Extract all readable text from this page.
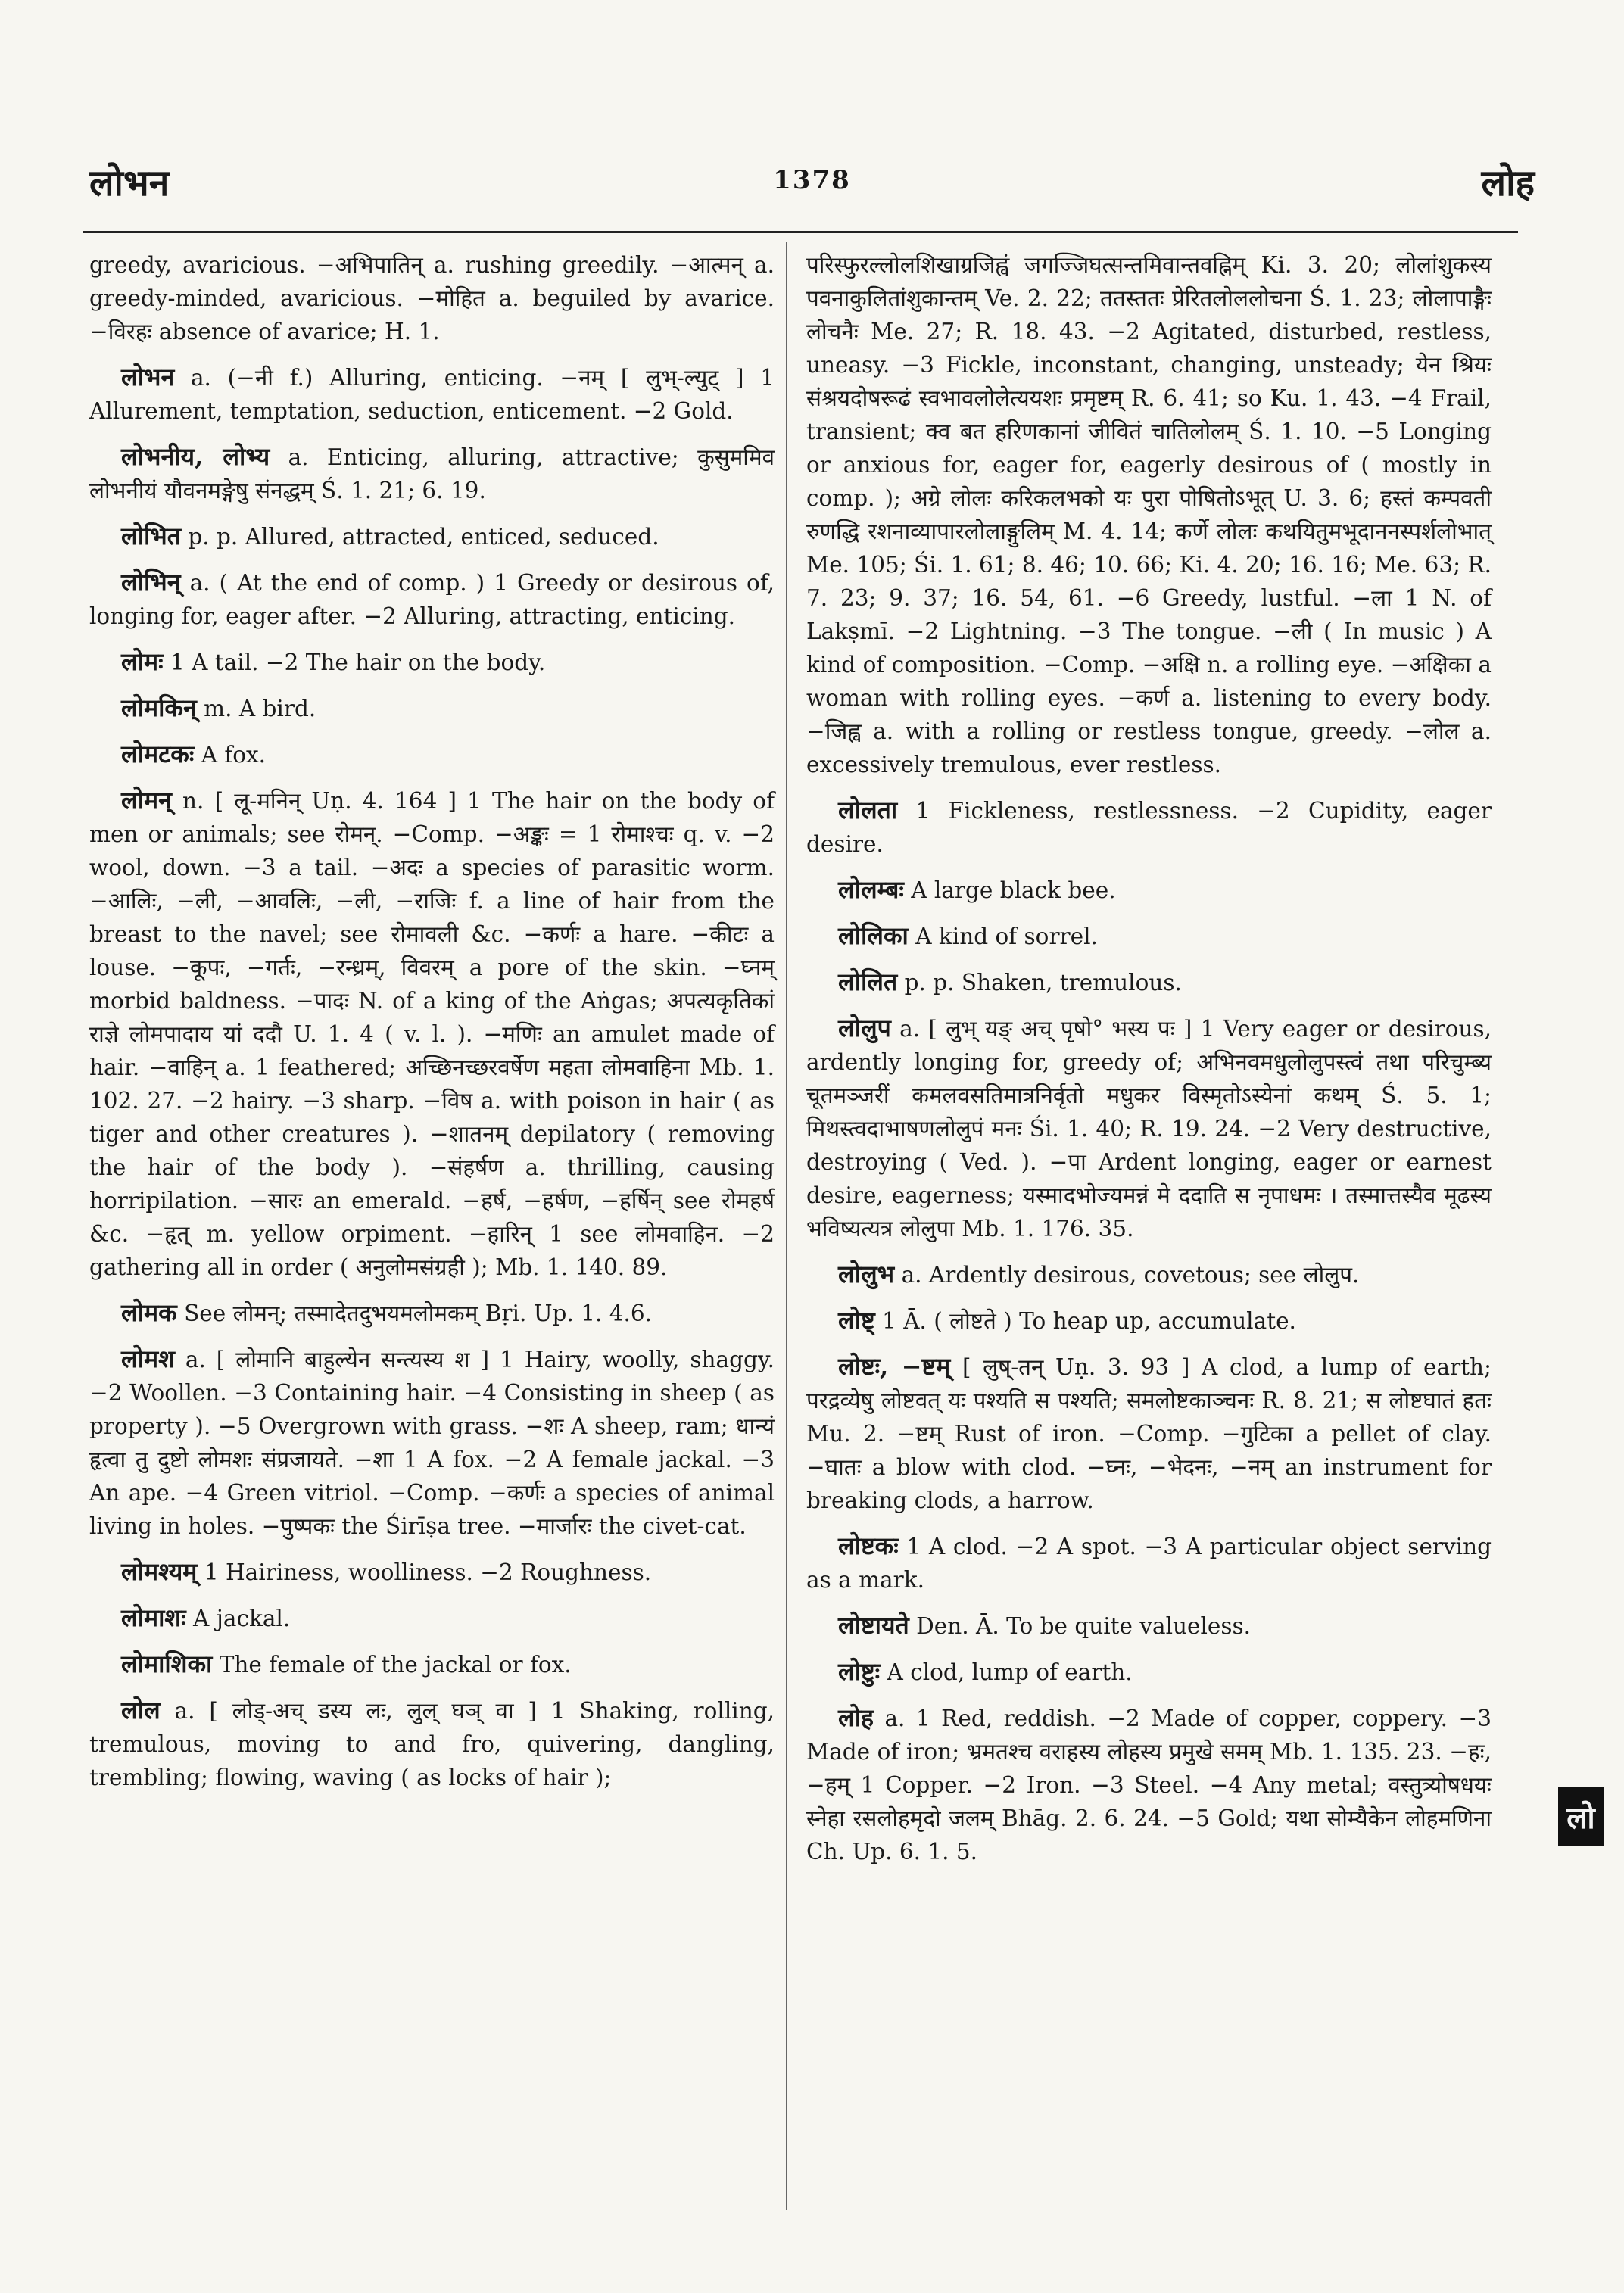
लोभन	1378	लोह

greedy, avaricious. −अभिपातिन् a. rushing greedily. −आत्मन् a. greedy-minded, avaricious. −मोहित a. beguiled by avarice. −विरहः absence of avarice; H. 1.

लोभन a. (−नी f.) Alluring, enticing. −नम् [ लुभ्-ल्युट् ] 1 Allurement, temptation, seduction, enticement. −2 Gold.

लोभनीय, लोभ्य a. Enticing, alluring, attractive; कुसुममिव लोभनीयं यौवनमङ्गेषु संनद्धम् Ś. 1. 21; 6. 19.

लोभित p. p. Allured, attracted, enticed, seduced.

लोभिन् a. ( At the end of comp. ) 1 Greedy or desirous of, longing for, eager after. −2 Alluring, attracting, enticing.

लोमः 1 A tail. −2 The hair on the body.

लोमकिन् m. A bird.

लोमटकः A fox.

लोमन् n. [ लू-मनिन् Uṇ. 4. 164 ] 1 The hair on the body of men or animals; see रोमन्. −Comp. −अङ्कः = 1 रोमाश्चः q. v. −2 wool, down. −3 a tail. −अदः a species of parasitic worm. −आलिः, −ली, −आवलिः, −ली, −राजिः f. a line of hair from the breast to the navel; see रोमावली &c. −कर्णः a hare. −कीटः a louse. −कूपः, −गर्तः, −रन्ध्रम्, विवरम् a pore of the skin. −घ्नम् morbid baldness. −पादः N. of a king of the Aṅgas; अपत्यकृतिकां राज्ञे लोमपादाय यां ददौ U. 1. 4 ( v. l. ). −मणिः an amulet made of hair. −वाहिन् a. 1 feathered; अच्छिनच्छरवर्षेण महता लोमवाहिना Mb. 1. 102. 27. −2 hairy. −3 sharp. −विष a. with poison in hair ( as tiger and other creatures ). −शातनम् depilatory ( removing the hair of the body ). −संहर्षण a. thrilling, causing horripilation. −सारः an emerald. −हर्ष, −हर्षण, −हर्षिन् see रोमहर्ष &c. −हृत् m. yellow orpiment. −हारिन् 1 see लोमवाहिन. −2 gathering all in order ( अनुलोमसंग्रही ); Mb. 1. 140. 89.

लोमक See लोमन्; तस्मादेतदुभयमलोमकम् Bṛi. Up. 1. 4.6.

लोमश a. [ लोमानि बाहुल्येन सन्त्यस्य श ] 1 Hairy, woolly, shaggy. −2 Woollen. −3 Containing hair. −4 Consisting in sheep ( as property ). −5 Overgrown with grass. −शः A sheep, ram; धान्यं हृत्वा तु दुष्टो लोमशः संप्रजायते. −शा 1 A fox. −2 A female jackal. −3 An ape. −4 Green vitriol. −Comp. −कर्णः a species of animal living in holes. −पुष्पकः the Śirīṣa tree. −मार्जारः the civet-cat.

लोमश्यम् 1 Hairiness, woolliness. −2 Roughness.

लोमाशः A jackal.

लोमाशिका The female of the jackal or fox.

लोल a. [ लोड्-अच् डस्य लः, लुल् घञ् वा ] 1 Shaking, rolling, tremulous, moving to and fro, quivering, dangling, trembling; flowing, waving ( as locks of hair );

परिस्फुरल्लोलशिखाग्रजिह्वं जगज्जिघत्सन्तमिवान्तवह्निम् Ki. 3. 20; लोलांशुकस्य पवनाकुलितांशुकान्तम् Ve. 2. 22; ततस्ततः प्रेरितलोललोचना Ś. 1. 23; लोलापाङ्गैः लोचनैः Me. 27; R. 18. 43. −2 Agitated, disturbed, restless, uneasy. −3 Fickle, inconstant, changing, unsteady; येन श्रियः संश्रयदोषरूढं स्वभावलोलेत्ययशः प्रमृष्टम् R. 6. 41; so Ku. 1. 43. −4 Frail, transient; क्व बत हरिणकानां जीवितं चातिलोलम् Ś. 1. 10. −5 Longing or anxious for, eager for, eagerly desirous of ( mostly in comp. ); अग्रे लोलः करिकलभको यः पुरा पोषितोऽभूत् U. 3. 6; हस्तं कम्पवती रुणद्धि रशनाव्यापारलोलाङ्गुलिम् M. 4. 14; कर्णे लोलः कथयितुमभूदाननस्पर्शलोभात् Me. 105; Śi. 1. 61; 8. 46; 10. 66; Ki. 4. 20; 16. 16; Me. 63; R. 7. 23; 9. 37; 16. 54, 61. −6 Greedy, lustful. −ला 1 N. of Lakṣmī. −2 Lightning. −3 The tongue. −ली ( In music ) A kind of composition. −Comp. −अक्षि n. a rolling eye. −अक्षिका a woman with rolling eyes. −कर्ण a. listening to every body. −जिह्व a. with a rolling or restless tongue, greedy. −लोल a. excessively tremulous, ever restless.

लोलता 1 Fickleness, restlessness. −2 Cupidity, eager desire.

लोलम्बः A large black bee.

लोलिका A kind of sorrel.

लोलित p. p. Shaken, tremulous.

लोलुप a. [ लुभ् यङ् अच् पृषो° भस्य पः ] 1 Very eager or desirous, ardently longing for, greedy of; अभिनवमधुलोलुपस्त्वं तथा परिचुम्ब्य चूतमञ्जरीं कमलवसतिमात्रनिर्वृतो मधुकर विस्मृतोऽस्येनां कथम् Ś. 5. 1; मिथस्त्वदाभाषणलोलुपं मनः Śi. 1. 40; R. 19. 24. −2 Very destructive, destroying ( Ved. ). −पा Ardent longing, eager or earnest desire, eagerness; यस्मादभोज्यमन्नं मे ददाति स नृपाधमः । तस्मात्तस्यैव मूढस्य भविष्यत्यत्र लोलुपा Mb. 1. 176. 35.

लोलुभ a. Ardently desirous, covetous; see लोलुप.

लोष्ट् 1 Ā. ( लोष्टते ) To heap up, accumulate.

लोष्टः, −ष्टम् [ लुष्-तन् Uṇ. 3. 93 ] A clod, a lump of earth; परद्रव्येषु लोष्टवत् यः पश्यति स पश्यति; समलोष्टकाञ्चनः R. 8. 21; स लोष्टघातं हतः Mu. 2. −ष्टम् Rust of iron. −Comp. −गुटिका a pellet of clay. −घातः a blow with clod. −घ्नः, −भेदनः, −नम् an instrument for breaking clods, a harrow.

लोष्टकः 1 A clod. −2 A spot. −3 A particular object serving as a mark.

लोष्टायते Den. Ā. To be quite valueless.

लोष्टुः A clod, lump of earth.

लोह a. 1 Red, reddish. −2 Made of copper, coppery. −3 Made of iron; भ्रमतश्च वराहस्य लोहस्य प्रमुखे समम् Mb. 1. 135. 23. −हः, −हम् 1 Copper. −2 Iron. −3 Steel. −4 Any metal; वस्तुत्र्योषधयः स्नेहा रसलोहमृदो जलम् Bhāg. 2. 6. 24. −5 Gold; यथा सोम्यैकेन लोहमणिना Ch. Up. 6. 1. 5.

लो
